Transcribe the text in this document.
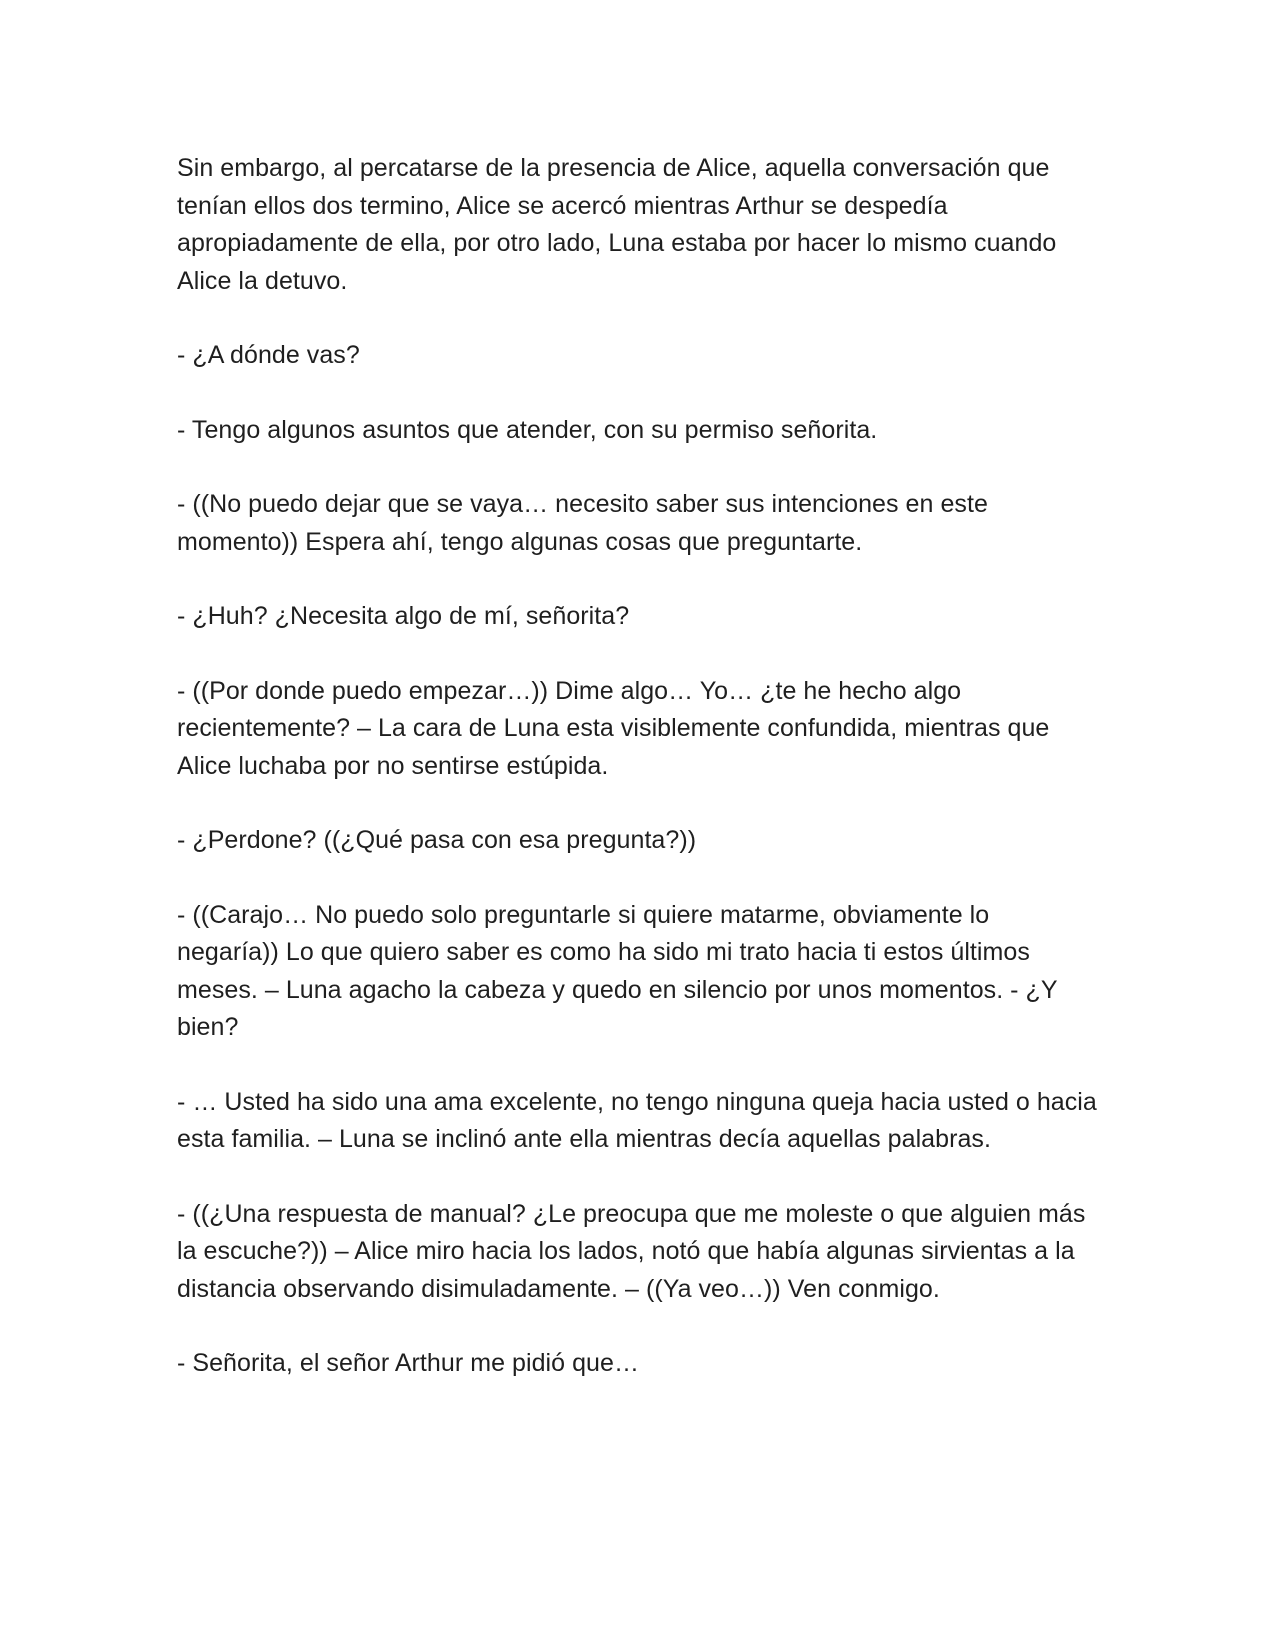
Sin embargo, al percatarse de la presencia de Alice, aquella conversación que tenían ellos dos termino, Alice se acercó mientras Arthur se despedía apropiadamente de ella, por otro lado, Luna estaba por hacer lo mismo cuando Alice la detuvo.

- ¿A dónde vas?

- Tengo algunos asuntos que atender, con su permiso señorita.

- ((No puedo dejar que se vaya… necesito saber sus intenciones en este momento)) Espera ahí, tengo algunas cosas que preguntarte.

- ¿Huh? ¿Necesita algo de mí, señorita?

- ((Por donde puedo empezar…)) Dime algo… Yo… ¿te he hecho algo recientemente? – La cara de Luna esta visiblemente confundida, mientras que Alice luchaba por no sentirse estúpida.

- ¿Perdone? ((¿Qué pasa con esa pregunta?))

- ((Carajo… No puedo solo preguntarle si quiere matarme, obviamente lo negaría)) Lo que quiero saber es como ha sido mi trato hacia ti estos últimos meses. – Luna agacho la cabeza y quedo en silencio por unos momentos. - ¿Y bien?

- … Usted ha sido una ama excelente, no tengo ninguna queja hacia usted o hacia esta familia. – Luna se inclinó ante ella mientras decía aquellas palabras.

- ((¿Una respuesta de manual? ¿Le preocupa que me moleste o que alguien más la escuche?)) – Alice miro hacia los lados, notó que había algunas sirvientas a la distancia observando disimuladamente. – ((Ya veo…)) Ven conmigo.

- Señorita, el señor Arthur me pidió que…
